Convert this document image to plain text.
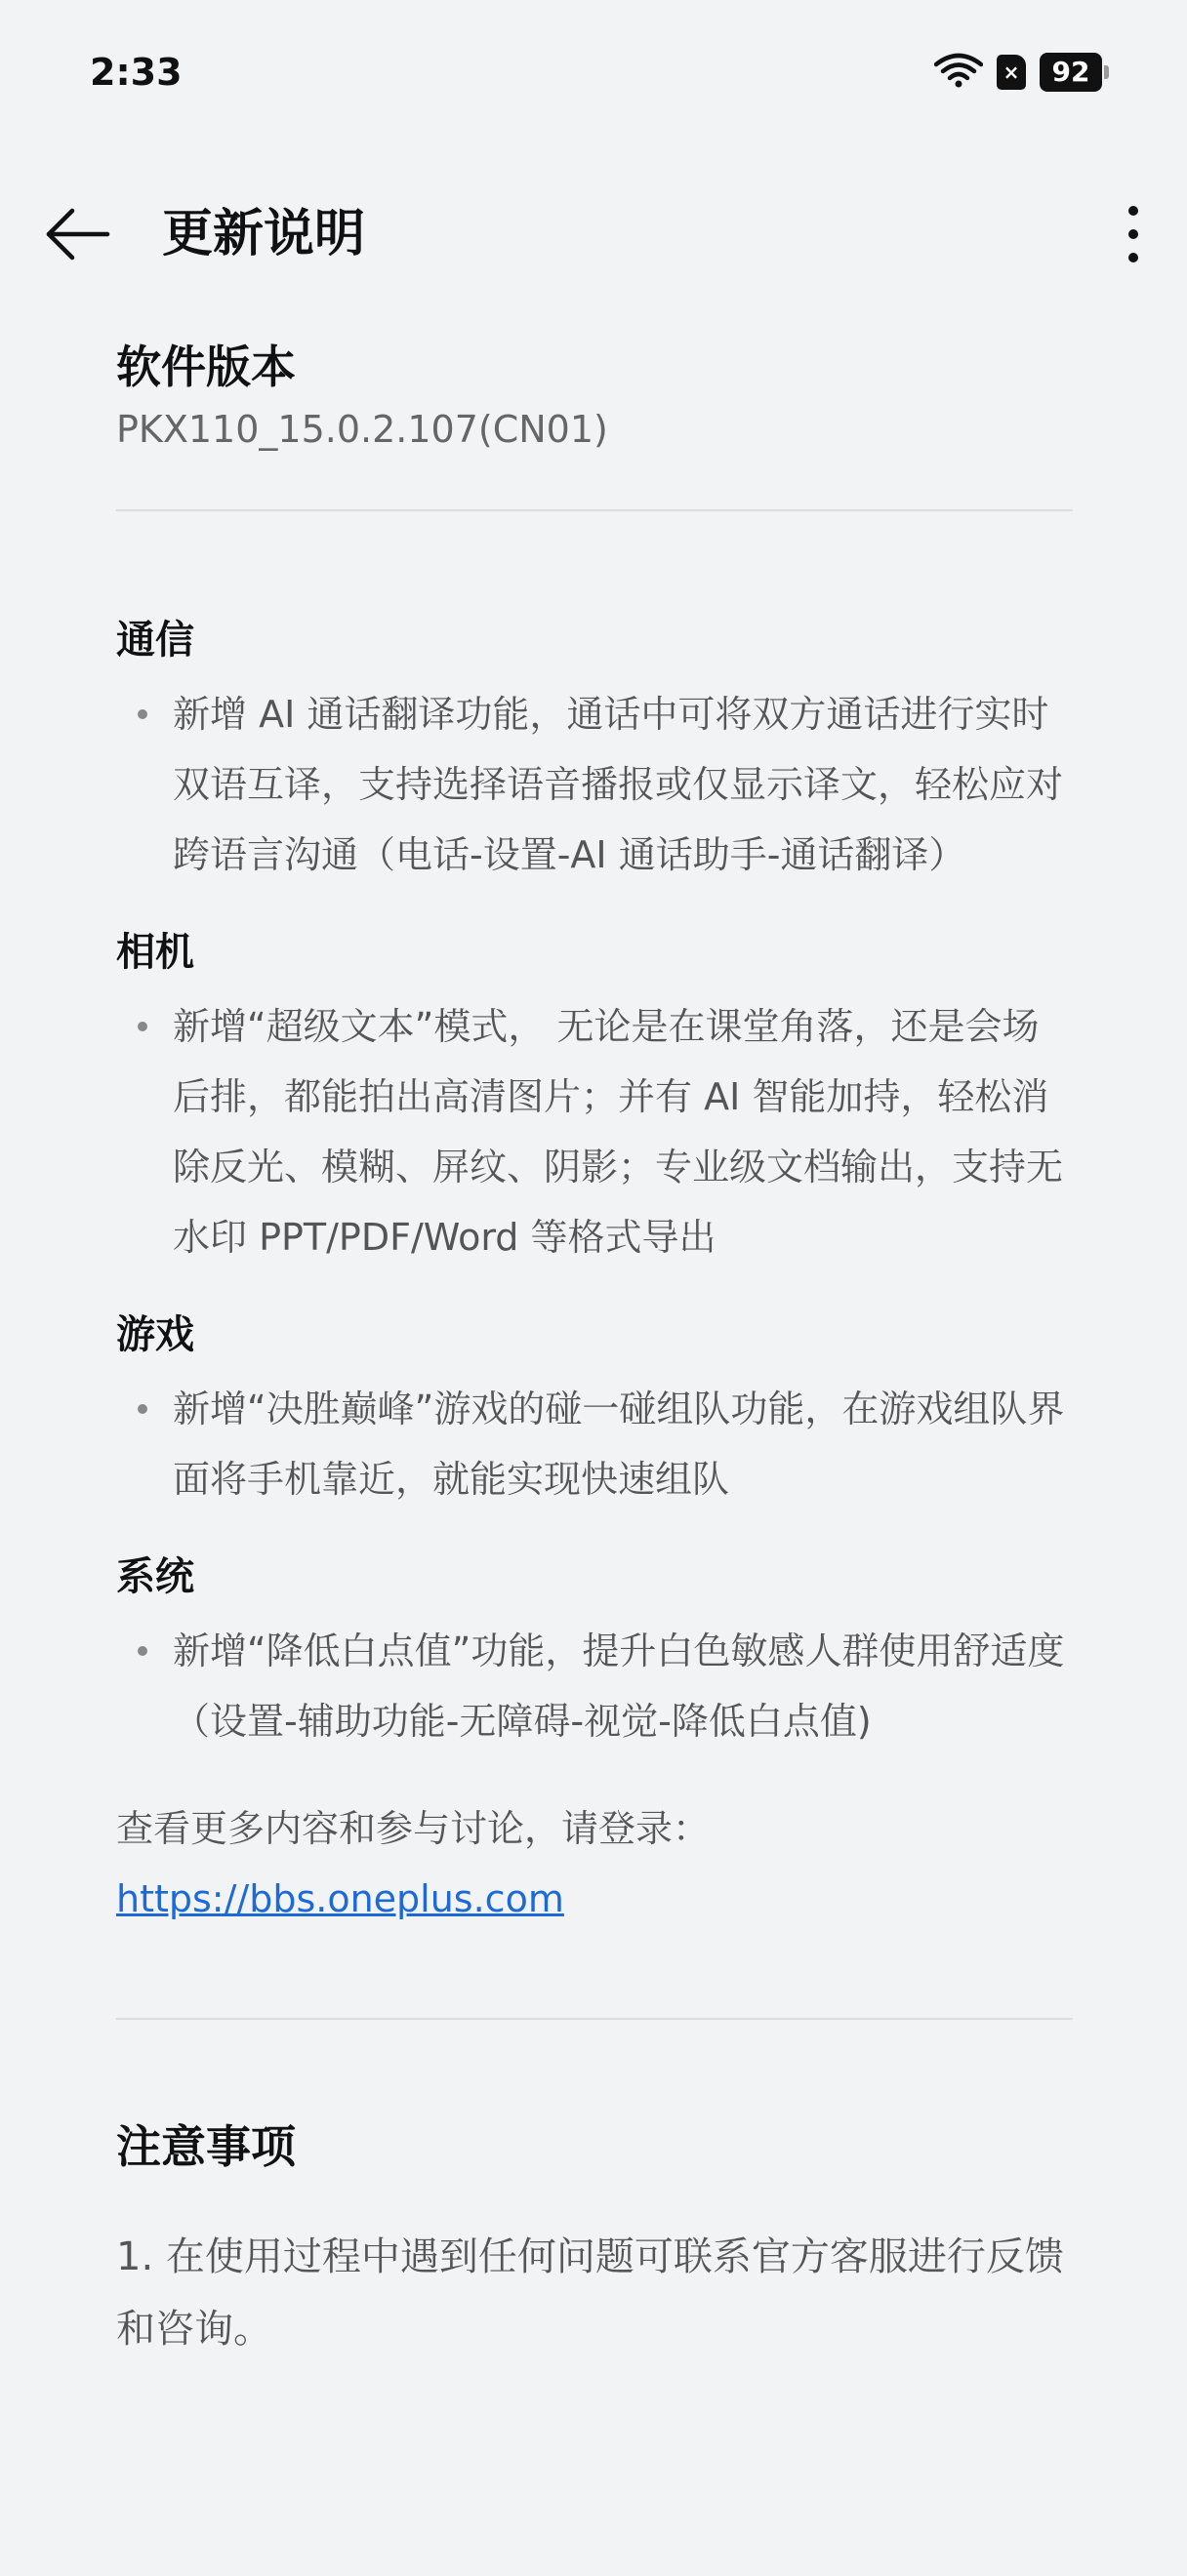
2:33	×	92
更新说明
软件版本
PKX110_15.0.2.107(CN01)
通信
新增 AI 通话翻译功能，通话中可将双方通话进行实时双语互译，支持选择语音播报或仅显示译文，轻松应对跨语言沟通（电话-设置-AI 通话助手-通话翻译）
相机
新增“超级文本”模式， 无论是在课堂角落，还是会场后排，都能拍出高清图片；并有 AI 智能加持，轻松消除反光、模糊、屏纹、阴影；专业级文档输出，支持无水印 PPT/PDF/Word 等格式导出
游戏
新增“决胜巅峰”游戏的碰一碰组队功能，在游戏组队界面将手机靠近，就能实现快速组队
系统
新增“降低白点值”功能，提升白色敏感人群使用舒适度（设置-辅助功能-无障碍-视觉-降低白点值)
查看更多内容和参与讨论，请登录：
https://bbs.oneplus.com
注意事项
1. 在使用过程中遇到任何问题可联系官方客服进行反馈和咨询。
